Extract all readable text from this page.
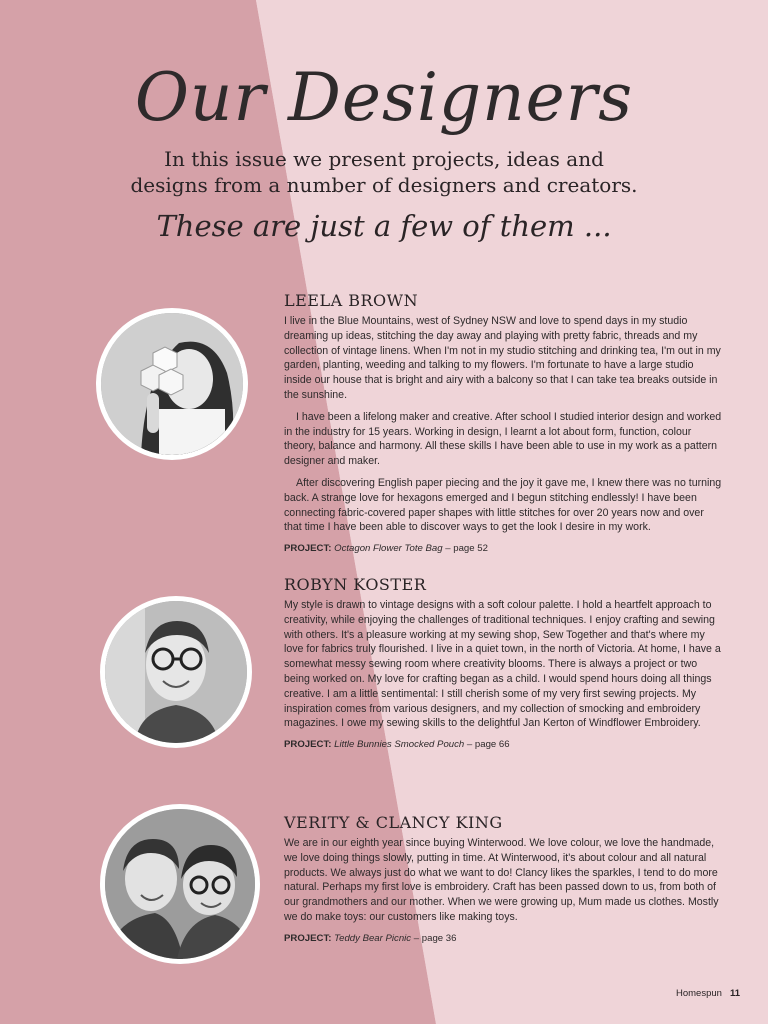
Our Designers

In this issue we present projects, ideas and
designs from a number of designers and creators.

These are just a few of them ...

LEELA BROWN

I live in the Blue Mountains, west of Sydney NSW and love to spend days in my studio dreaming up ideas, stitching the day away and playing with pretty fabric, threads and my collection of vintage linens. When I'm not in my studio stitching and drinking tea, I'm out in my garden, planting, weeding and talking to my flowers. I'm fortunate to have a large studio inside our house that is bright and airy with a balcony so that I can take tea breaks outside in the sunshine.

I have been a lifelong maker and creative. After school I studied interior design and worked in the industry for 15 years. Working in design, I learnt a lot about form, function, colour theory, balance and harmony. All these skills I have been able to use in my work as a pattern designer and maker.

After discovering English paper piecing and the joy it gave me, I knew there was no turning back. A strange love for hexagons emerged and I begun stitching endlessly! I have been connecting fabric-covered paper shapes with little stitches for over 20 years now and over that time I have been able to discover ways to get the look I desire in my work.

PROJECT: Octagon Flower Tote Bag – page 52

ROBYN KOSTER

My style is drawn to vintage designs with a soft colour palette. I hold a heartfelt approach to creativity, while enjoying the challenges of traditional techniques. I enjoy crafting and sewing with others. It's a pleasure working at my sewing shop, Sew Together and that's where my love for fabrics truly flourished. I live in a quiet town, in the north of Victoria. At home, I have a somewhat messy sewing room where creativity blooms. There is always a project or two being worked on. My love for crafting began as a child. I would spend hours doing all things creative. I am a little sentimental: I still cherish some of my very first sewing projects. My inspiration comes from various designers, and my collection of smocking and embroidery magazines. I owe my sewing skills to the delightful Jan Kerton of Windflower Embroidery.

PROJECT: Little Bunnies Smocked Pouch – page 66

VERITY & CLANCY KING

We are in our eighth year since buying Winterwood. We love colour, we love the handmade, we love doing things slowly, putting in time. At Winterwood, it's about colour and all natural products. We always just do what we want to do! Clancy likes the sparkles, I tend to do more natural. Perhaps my first love is embroidery. Craft has been passed down to us, from both of our grandmothers and our mother. When we were growing up, Mum made us clothes. Mostly we do make toys: our customers like making toys.

PROJECT: Teddy Bear Picnic – page 36

Homespun 11
